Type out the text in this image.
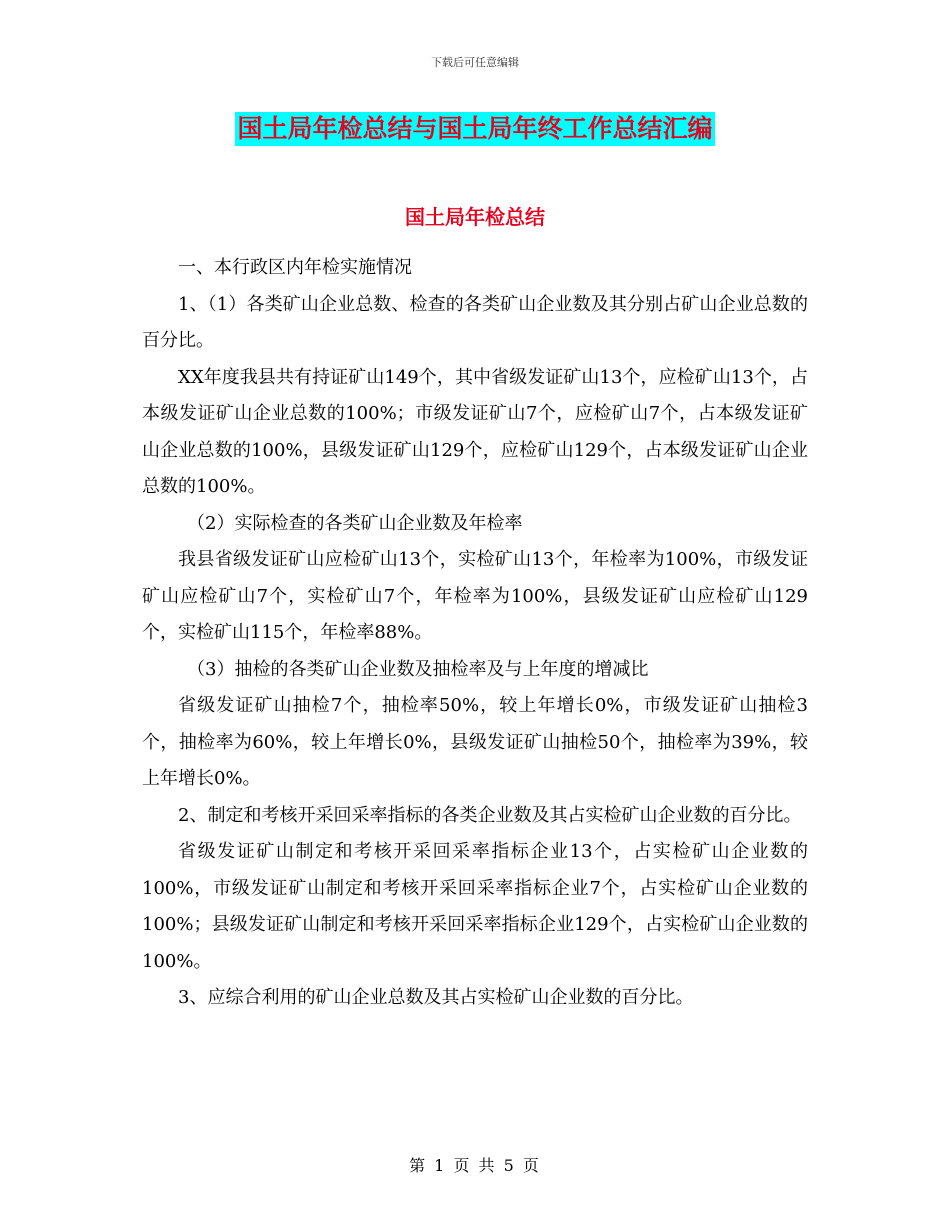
下载后可任意编辑
国土局年检总结与国土局年终工作总结汇编
国土局年检总结

一、本行政区内年检实施情况

1、（1）各类矿山企业总数、检查的各类矿山企业数及其分别占矿山企业总数的百分比。

XX年度我县共有持证矿山149个，其中省级发证矿山13个，应检矿山13个，占本级发证矿山企业总数的100%；市级发证矿山7个，应检矿山7个，占本级发证矿山企业总数的100%，县级发证矿山129个，应检矿山129个，占本级发证矿山企业总数的100%。

（2）实际检查的各类矿山企业数及年检率

我县省级发证矿山应检矿山13个，实检矿山13个，年检率为100%，市级发证矿山应检矿山7个，实检矿山7个，年检率为100%，县级发证矿山应检矿山129个，实检矿山115个，年检率88%。

（3）抽检的各类矿山企业数及抽检率及与上年度的增减比

省级发证矿山抽检7个，抽检率50%，较上年增长0%，市级发证矿山抽检3个，抽检率为60%，较上年增长0%，县级发证矿山抽检50个，抽检率为39%，较上年增长0%。

2、制定和考核开采回采率指标的各类企业数及其占实检矿山企业数的百分比。

省级发证矿山制定和考核开采回采率指标企业13个，占实检矿山企业数的100%，市级发证矿山制定和考核开采回采率指标企业7个，占实检矿山企业数的100%；县级发证矿山制定和考核开采回采率指标企业129个，占实检矿山企业数的100%。

3、应综合利用的矿山企业总数及其占实检矿山企业数的百分比。

第 1 页 共 5 页
